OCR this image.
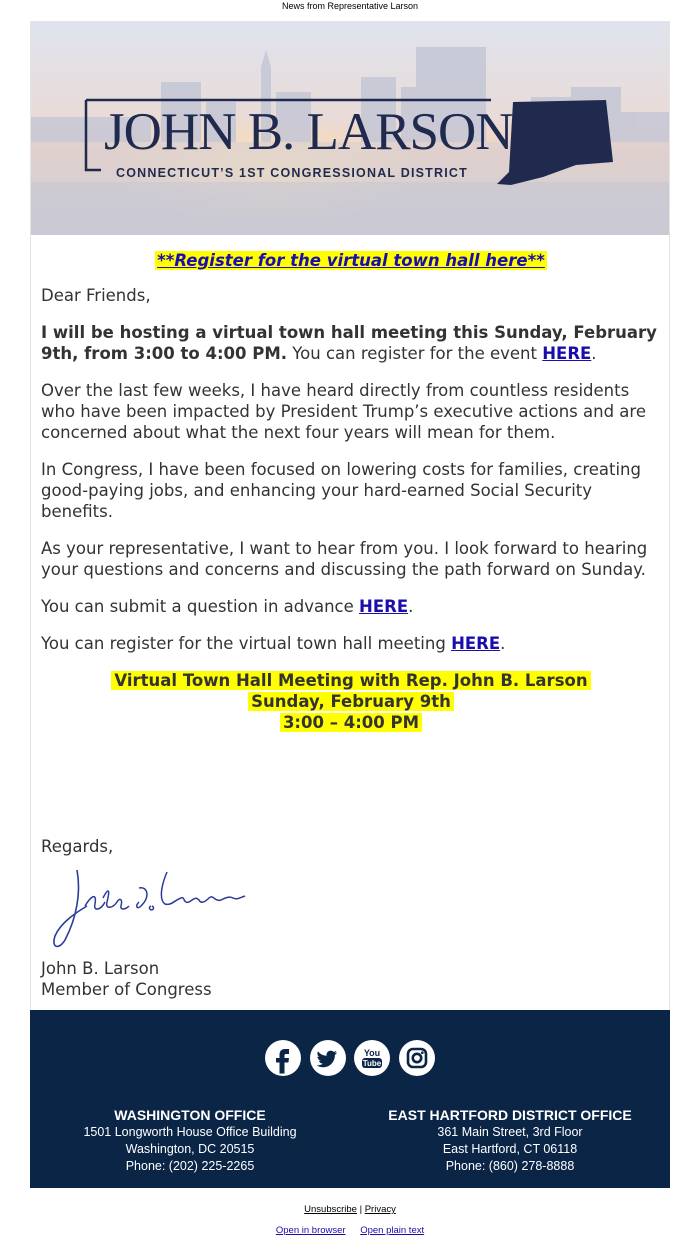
News from Representative Larson
JOHN B. LARSON
CONNECTICUT’S 1ST CONGRESSIONAL DISTRICT
**Register for the virtual town hall here**

Dear Friends,

I will be hosting a virtual town hall meeting this Sunday, February 9th, from 3:00 to 4:00 PM. You can register for the event HERE.

Over the last few weeks, I have heard directly from countless residents who have been impacted by President Trump’s executive actions and are concerned about what the next four years will mean for them.

In Congress, I have been focused on lowering costs for families, creating good-paying jobs, and enhancing your hard-earned Social Security benefits.

As your representative, I want to hear from you. I look forward to hearing your questions and concerns and discussing the path forward on Sunday.

You can submit a question in advance HERE.

You can register for the virtual town hall meeting HERE.

Virtual Town Hall Meeting with Rep. John B. Larson
Sunday, February 9th
3:00 – 4:00 PM

Regards,

John B. Larson
Member of Congress

You
Tube

WASHINGTON OFFICE
1501 Longworth House Office Building
Washington, DC 20515
Phone: (202) 225-2265
EAST HARTFORD DISTRICT OFFICE
361 Main Street, 3rd Floor
East Hartford, CT 06118
Phone: (860) 278-8888
Unsubscribe | Privacy
Open in browser Open plain text
